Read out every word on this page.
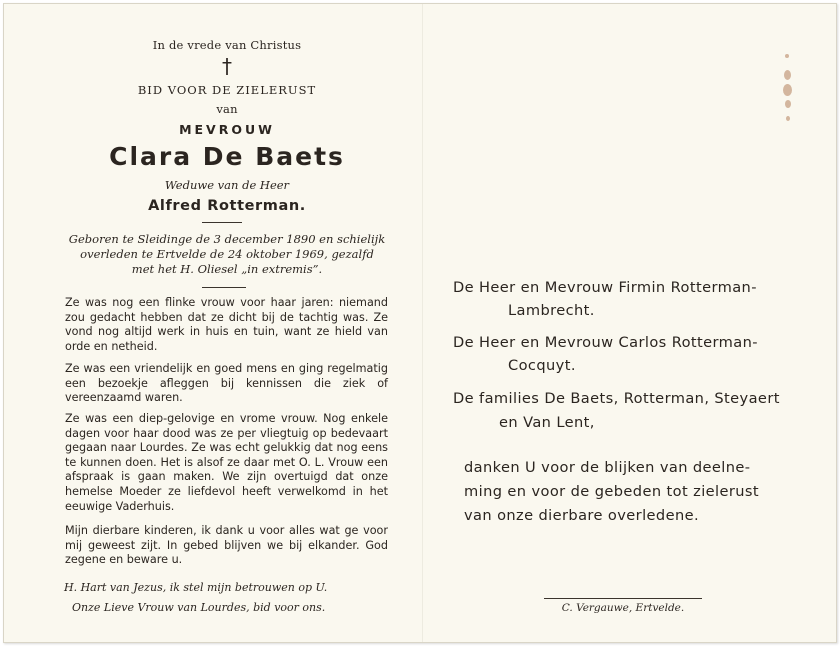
In de vrede van Christus
†
BID VOOR DE ZIELERUST
van
MEVROUW
Clara De Baets
Weduwe van de Heer
Alfred Rotterman.
Geboren te Sleidinge de 3 december 1890 en schielijk
overleden te Ertvelde de 24 oktober 1969, gezalfd
met het H. Oliesel „in extremis”.

Ze was nog een flinke vrouw voor haar jaren: niemand zou gedacht hebben dat ze dicht bij de tachtig was. Ze vond nog altijd werk in huis en tuin, want ze hield van orde en netheid.

Ze was een vriendelijk en goed mens en ging regelmatig een bezoekje afleggen bij kennissen die ziek of vereenzaamd waren.

Ze was een diep-gelovige en vrome vrouw. Nog enkele dagen voor haar dood was ze per vliegtuig op bedevaart gegaan naar Lourdes. Ze was echt gelukkig dat nog eens te kunnen doen. Het is alsof ze daar met O. L. Vrouw een afspraak is gaan maken. We zijn overtuigd dat onze hemelse Moeder ze liefdevol heeft verwelkomd in het eeuwige Vaderhuis.

Mijn dierbare kinderen, ik dank u voor alles wat ge voor mij geweest zijt. In gebed blijven we bij elkander. God zegene en beware u.

H. Hart van Jezus, ik stel mijn betrouwen op U.
Onze Lieve Vrouw van Lourdes, bid voor ons.
De Heer en Mevrouw Firmin Rotterman-
Lambrecht.
De Heer en Mevrouw Carlos Rotterman-
Cocquyt.
De families De Baets, Rotterman, Steyaert
en Van Lent,
danken U voor de blijken van deelne-
ming en voor de gebeden tot zielerust
van onze dierbare overledene.
C. Vergauwe, Ertvelde.
